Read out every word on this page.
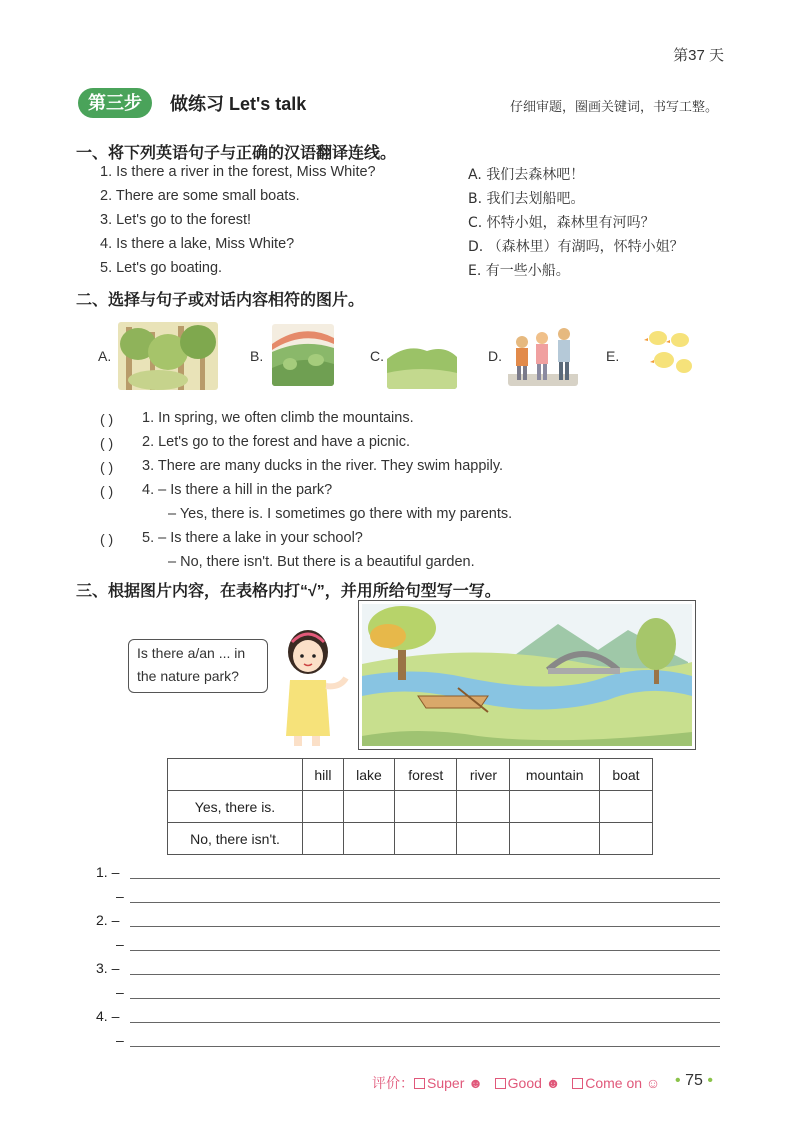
第37 天
第三步	做练习 Let's talk	仔细审题，圈画关键词，书写工整。
一、将下列英语句子与正确的汉语翻译连线。
1. Is there a river in the forest, Miss White?
2. There are some small boats.
3. Let's go to the forest!
4. Is there a lake, Miss White?
5. Let's go boating.
A. 我们去森林吧！
B. 我们去划船吧。
C. 怀特小姐，森林里有河吗？
D. （森林里）有湖吗，怀特小姐？
E. 有一些小船。
二、选择与句子或对话内容相符的图片。
A.	B.	C.	D.	E.
( ) 1. In spring, we often climb the mountains.
( ) 2. Let's go to the forest and have a picnic.
( ) 3. There are many ducks in the river. They swim happily.
( ) 4. – Is there a hill in the park?
– Yes, there is. I sometimes go there with my parents.
( ) 5. – Is there a lake in your school?
– No, there isn't. But there is a beautiful garden.
三、根据图片内容，在表格内打“√”，并用所给句型写一写。
Is there a/an ... in
the nature park?
	hill	lake	forest	river	mountain	boat
Yes, there is.						
No, there isn't.						
1. –
–
2. –
–
3. –
–
4. –
–
评价： Super ☻ Good ☻ Come on ☺ • 75 •
